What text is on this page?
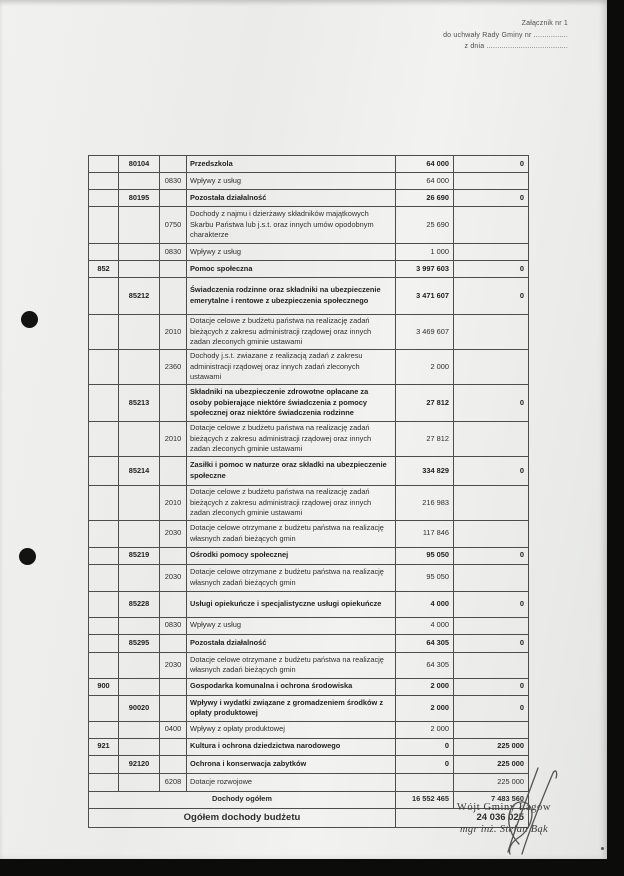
Załącznik nr 1
do uchwały Rady Gminy nr ................
z dnia ......................................
	80104		Przedszkola	64 000	0
		0830	Wpływy z usług	64 000	
	80195		Pozostała działalność	26 690	0
		0750	Dochody z najmu i dzierżawy składników majątkowych Skarbu Państwa lub j.s.t. oraz innych umów opodobnym charakterze	25 690	
		0830	Wpływy z usług	1 000	
852			Pomoc społeczna	3 997 603	0
	85212		Świadczenia rodzinne oraz składniki na ubezpieczenie emerytalne i rentowe z ubezpieczenia społecznego	3 471 607	0
		2010	Dotacje celowe z budżetu państwa na realizację zadań bieżących z zakresu administracji rządowej oraz innych zadan zleconych gminie ustawami	3 469 607	
		2360	Dochody j.s.t. zwiazane z realizacją zadań z zakresu administracji rządowej oraz innych zadań zleconych ustawami	2 000	
	85213		Składniki na ubezpieczenie zdrowotne opłacane za osoby pobierające niektóre świadczenia z pomocy społecznej oraz niektóre świadczenia rodzinne	27 812	0
		2010	Dotacje celowe z budżetu państwa na realizację zadań bieżących z zakresu administracji rządowej oraz innych zadan zleconych gminie ustawami	27 812	
	85214		Zasiłki i pomoc w naturze oraz składki na ubezpieczenie społeczne	334 829	0
		2010	Dotacje celowe z budżetu państwa na realizację zadań bieżących z zakresu administracji rządowej oraz innych zadan zleconych gminie ustawami	216 983	
		2030	Dotacje celowe otrzymane z budżetu państwa na realizację własnych zadań bieżących gmin	117 846	
	85219		Ośrodki pomocy społecznej	95 050	0
		2030	Dotacje celowe otrzymane z budżetu państwa na realizację własnych zadań bieżących gmin	95 050	
	85228		Usługi opiekuńcze i specjalistyczne usługi opiekuńcze	4 000	0
		0830	Wpływy z usług	4 000	
	85295		Pozostała działalność	64 305	0
		2030	Dotacje celowe otrzymane z budżetu państwa na realizację własnych zadań bieżących gmin	64 305	
900			Gospodarka komunalna i ochrona środowiska	2 000	0
	90020		Wpływy i wydatki związane z gromadzeniem środków z opłaty produktowej	2 000	0
		0400	Wpływy z opłaty produktowej	2 000	
921			Kultura i ochrona dziedzictwa narodowego	0	225 000
	92120		Ochrona i konserwacja zabytków	0	225 000
		6208	Dotacje rozwojowe		225 000
Dochody ogółem				16 552 465	7 483 560
Ogółem dochody budżetu				24 036 025	
Wójt Gminy Łagów
mgr inż. Stefan Bąk
